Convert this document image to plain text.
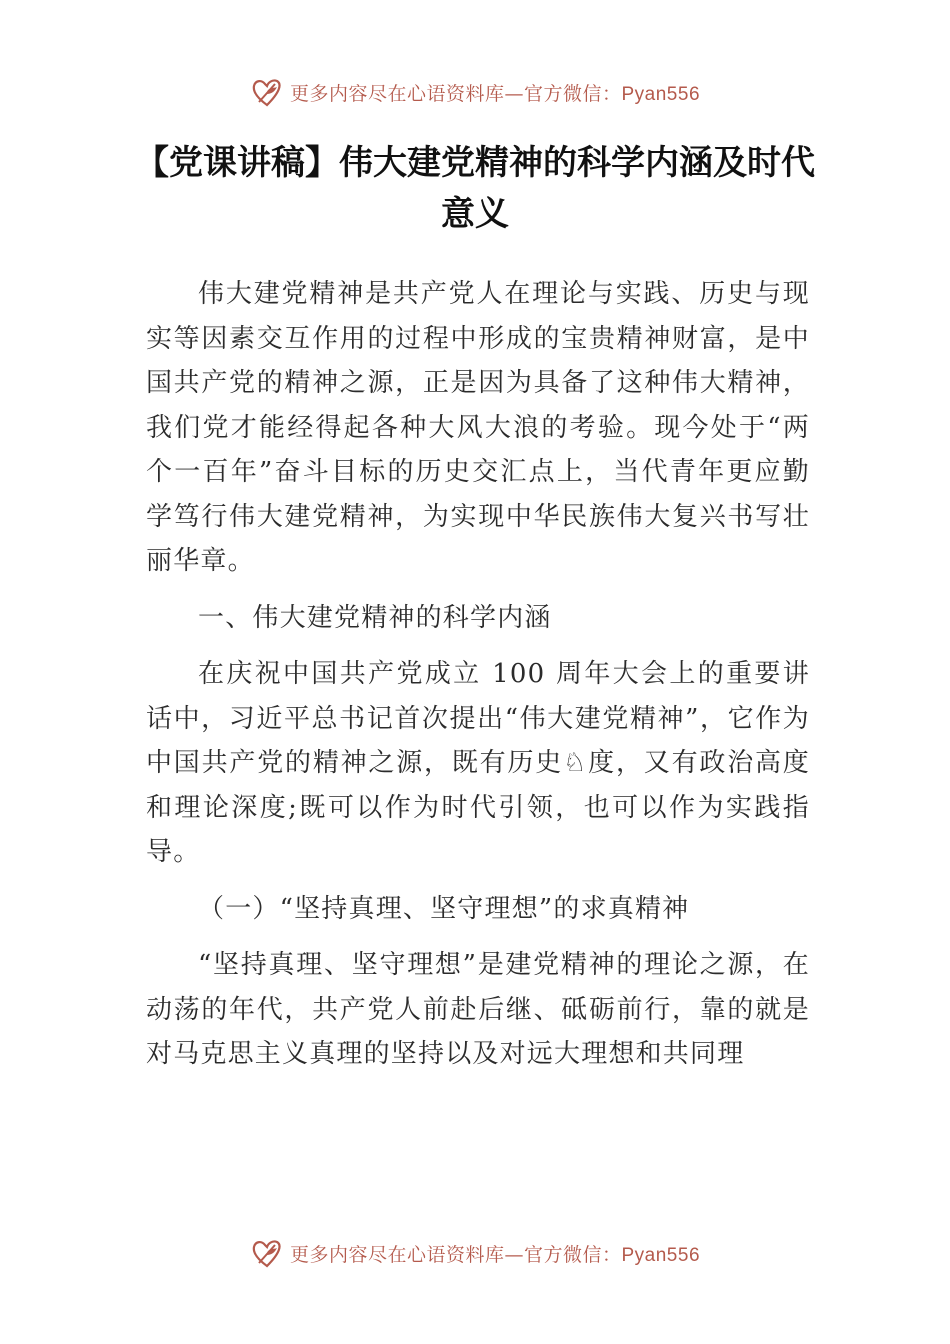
更多内容尽在心语资料库—官方微信：Pyan556
【党课讲稿】伟大建党精神的科学内涵及时代意义

伟大建党精神是共产党人在理论与实践、历史与现实等因素交互作用的过程中形成的宝贵精神财富，是中国共产党的精神之源，正是因为具备了这种伟大精神，我们党才能经得起各种大风大浪的考验。现今处于“两个一百年”奋斗目标的历史交汇点上，当代青年更应勤学笃行伟大建党精神，为实现中华民族伟大复兴书写壮丽华章。

一、伟大建党精神的科学内涵

在庆祝中国共产党成立 100 周年大会上的重要讲话中，习近平总书记首次提出“伟大建党精神”，它作为中国共产党的精神之源，既有历史♘度，又有政治高度和理论深度;既可以作为时代引领，也可以作为实践指导。

（一）“坚持真理、坚守理想”的求真精神

“坚持真理、坚守理想”是建党精神的理论之源，在动荡的年代，共产党人前赴后继、砥砺前行，靠的就是对马克思主义真理的坚持以及对远大理想和共同理

更多内容尽在心语资料库—官方微信：Pyan556
